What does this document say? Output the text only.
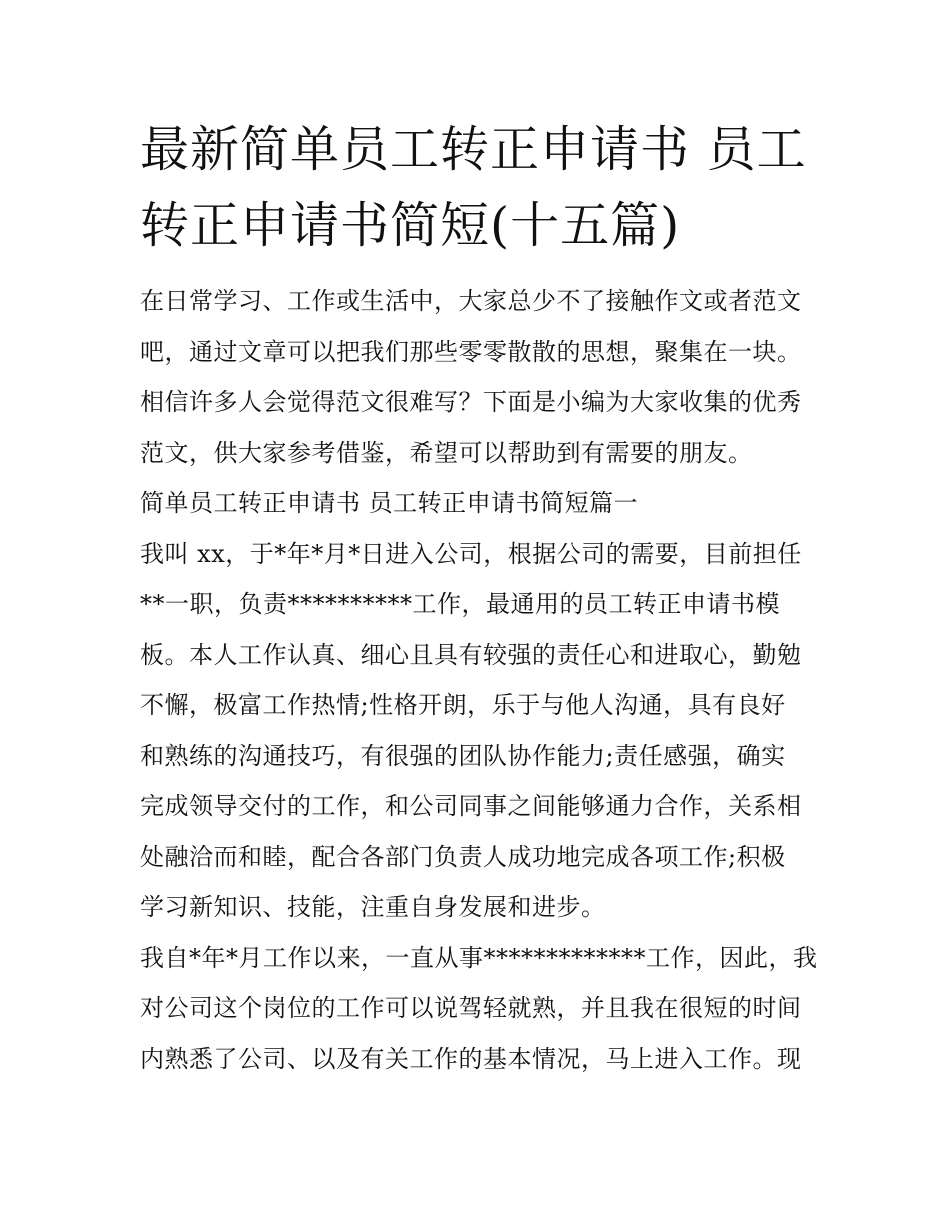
最新简单员工转正申请书 员工
转正申请书简短(十五篇)
在日常学习、工作或生活中，大家总少不了接触作文或者范文
吧，通过文章可以把我们那些零零散散的思想，聚集在一块。
相信许多人会觉得范文很难写？下面是小编为大家收集的优秀
范文，供大家参考借鉴，希望可以帮助到有需要的朋友。
简单员工转正申请书 员工转正申请书简短篇一
我叫 xx，于*年*月*日进入公司，根据公司的需要，目前担任
**一职，负责**********工作，最通用的员工转正申请书模
板。本人工作认真、细心且具有较强的责任心和进取心，勤勉
不懈，极富工作热情;性格开朗，乐于与他人沟通，具有良好
和熟练的沟通技巧，有很强的团队协作能力;责任感强，确实
完成领导交付的工作，和公司同事之间能够通力合作，关系相
处融洽而和睦，配合各部门负责人成功地完成各项工作;积极
学习新知识、技能，注重自身发展和进步。
我自*年*月工作以来，一直从事*************工作，因此，我
对公司这个岗位的工作可以说驾轻就熟，并且我在很短的时间
内熟悉了公司、以及有关工作的基本情况，马上进入工作。现
